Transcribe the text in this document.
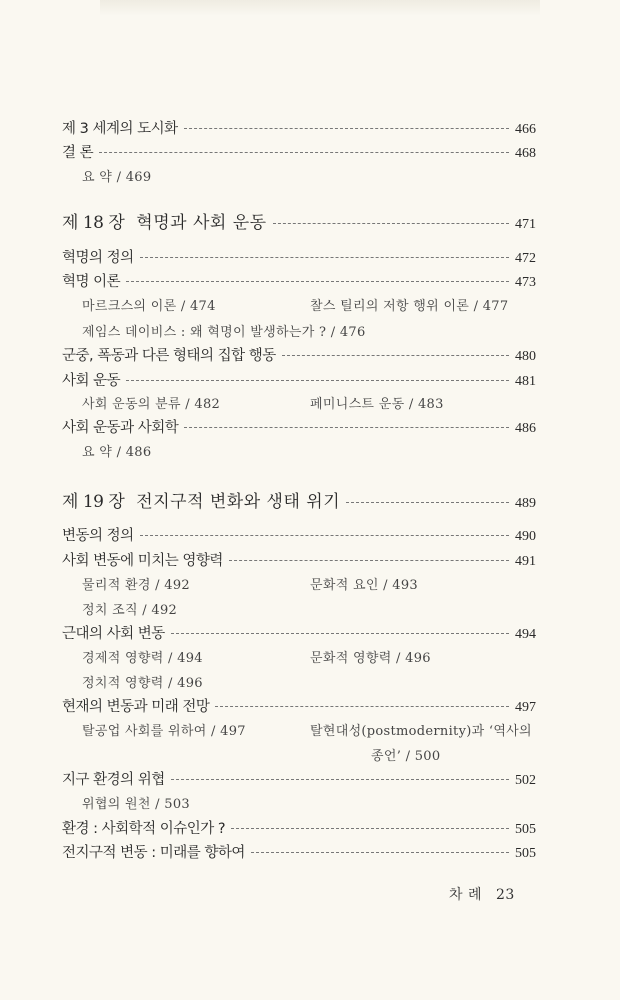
제 3 세계의 도시화	466
결 론	468
요 약 / 469
제 18 장 혁명과 사회 운동	471
혁명의 정의	472
혁명 이론	473
마르크스의 이론 / 474	찰스 틸리의 저항 행위 이론 / 477
제임스 데이비스 : 왜 혁명이 발생하는가 ? / 476
군중, 폭동과 다른 형태의 집합 행동	480
사회 운동	481
사회 운동의 분류 / 482	페미니스트 운동 / 483
사회 운동과 사회학	486
요 약 / 486
제 19 장 전지구적 변화와 생태 위기	489
변동의 정의	490
사회 변동에 미치는 영향력	491
물리적 환경 / 492	문화적 요인 / 493
정치 조직 / 492
근대의 사회 변동	494
경제적 영향력 / 494	문화적 영향력 / 496
정치적 영향력 / 496
현재의 변동과 미래 전망	497
탈공업 사회를 위하여 / 497	탈현대성(postmodernity)과 ‘역사의
종언’ / 500
지구 환경의 위협	502
위협의 원천 / 503
환경 : 사회학적 이슈인가 ?	505
전지구적 변동 : 미래를 향하여	505
차 례 23
